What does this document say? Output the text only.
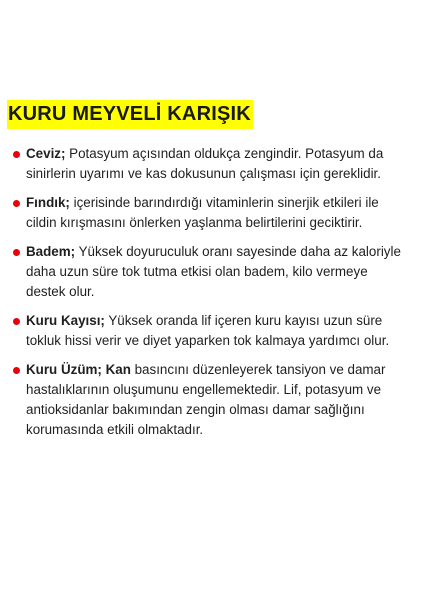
KURU MEYVELİ KARIŞIK
Ceviz; Potasyum açısından oldukça zengindir. Potasyum da sinirlerin uyarımı ve kas dokusunun çalışması için gereklidir.
Fındık; içerisinde barındırdığı vitaminlerin sinerjik etkileri ile cildin kırışmasını önlerken yaşlanma belirtilerini geciktirir.
Badem; Yüksek doyuruculuk oranı sayesinde daha az kaloriyle daha uzun süre tok tutma etkisi olan badem, kilo vermeye destek olur.
Kuru Kayısı; Yüksek oranda lif içeren kuru kayısı uzun süre tokluk hissi verir ve diyet yaparken tok kalmaya yardımcı olur.
Kuru Üzüm; Kan basıncını düzenleyerek tansiyon ve damar hastalıklarının oluşumunu engellemektedir. Lif, potasyum ve antioksidanlar bakımından zengin olması damar sağlığını korumasında etkili olmaktadır.
